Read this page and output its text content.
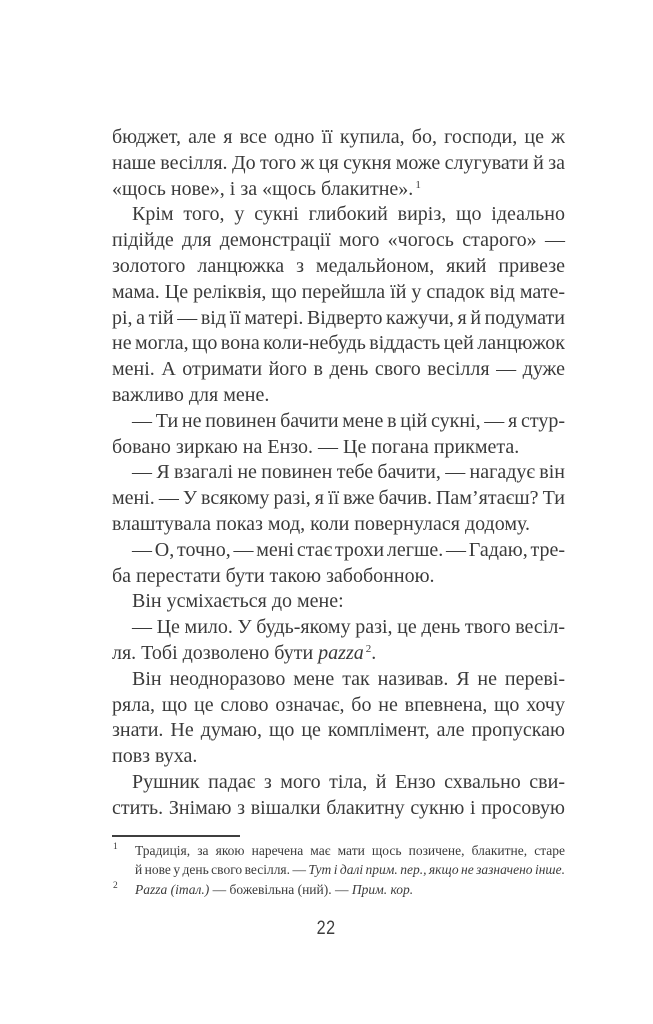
бюджет, але я все одно її купила, бо, господи, це ж
наше весілля. До того ж ця сукня може слугувати й за
«щось нове», і за «щось блакитне». $^1$
Крім того, у сукні глибокий виріз, що ідеально
підійде для демонстрації мого «чогось старого» —
золотого ланцюжка з медальйоном, який привезе
мама. Це реліквія, що перейшла їй у спадок від мате-
рі, а тій — від її матері. Відверто кажучи, я й подумати
не могла, що вона коли-небудь віддасть цей ланцюжок
мені. А отримати його в день свого весілля — дуже
важливо для мене.
— Ти не повинен бачити мене в цій сукні, — я стур-
бовано зиркаю на Ензо. — Це погана прикмета.
— Я взагалі не повинен тебе бачити, — нагадує він
мені. — У всякому разі, я її вже бачив. Пам’ятаєш? Ти
влаштувала показ мод, коли повернулася додому.
— О, точно, — мені стає трохи легше. — Гадаю, тре-
ба перестати бути такою забобонною.
Він усміхається до мене:
— Це мило. У будь-якому разі, це день твого весіл-
ля. Тобі дозволено бути pazza $^2$.
Він неодноразово мене так називав. Я не переві-
ряла, що це слово означає, бо не впевнена, що хочу
знати. Не думаю, що це комплімент, але пропускаю
повз вуха.
Рушник падає з мого тіла, й Ензо схвально сви-
стить. Знімаю з вішалки блакитну сукню і просовую
1 Традиція, за якою наречена має мати щось позичене, блакитне, старе
й нове у день свого весілля. — Тут і далі прим. пер., якщо не зазначено інше.
2 Pazza (італ.) — божевільна (ний). — Прим. кор.
22
